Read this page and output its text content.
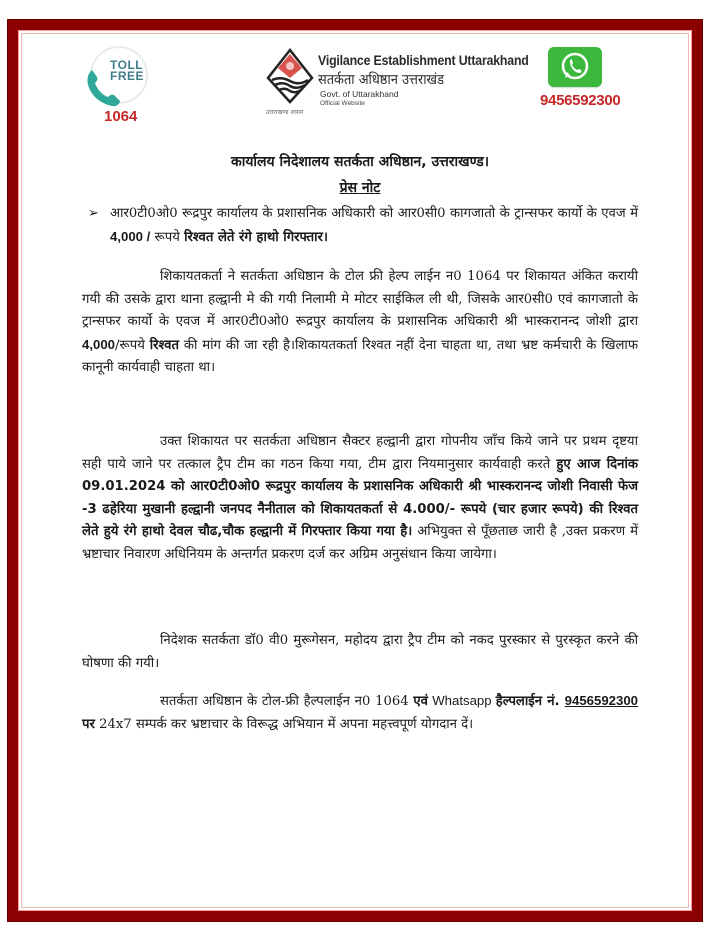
TOLL
FREE
1064	उत्तराखण्ड शासन
Vigilance Establishment Uttarakhand
सतर्कता अधिष्ठान उत्तराखंड
Govt. of Uttarakhand
Official Website	9456592300
कार्यालय निदेशालय सतर्कता अधिष्ठान, उत्तराखण्ड।
प्रेस नोट
➢ आर0टी0ओ0 रूद्रपुर कार्यालय के प्रशासनिक अधिकारी को आर0सी0 कागजातो के ट्रान्सफर कार्यो के एवज में 4,000 / रूपये रिश्वत लेते रंगे हाथो गिरफ्तार।
शिकायतकर्ता ने सतर्कता अधिष्ठान के टोल फ्री हेल्प लाईन न0 1064 पर शिकायत अंकित करायी गयी की उसके द्वारा थाना हल्द्वानी मे की गयी निलामी मे मोटर साईकिल ली थी, जिसके आर0सी0 एवं कागजातो के ट्रान्सफर कार्यो के एवज में आर0टी0ओ0 रूद्रपुर कार्यालय के प्रशासनिक अधिकारी श्री भास्करानन्द जोशी द्वारा 4,000/रूपये रिश्वत की मांग की जा रही है।शिकायतकर्ता रिश्वत नहीं देना चाहता था, तथा भ्रष्ट कर्मचारी के खिलाफ कानूनी कार्यवाही चाहता था।
उक्त शिकायत पर सतर्कता अधिष्ठान सैक्टर हल्द्वानी द्वारा गोपनीय जाँच किये जाने पर प्रथम दृष्टया सही पाये जाने पर तत्काल ट्रैप टीम का गठन किया गया, टीम द्वारा नियमानुसार कार्यवाही करते हुए आज दिनांक 09.01.2024 को आर0टी0ओ0 रूद्रपुर कार्यालय के प्रशासनिक अधिकारी श्री भास्करानन्द जोशी निवासी फेज -3 ढहेरिया मुखानी हल्द्वानी जनपद नैनीताल को शिकायतकर्ता से 4.000/- रूपये (चार हजार रूपये) की रिश्वत लेते हुये रंगे हाथो देवल चौढ,चौक हल्द्वानी में गिरफ्तार किया गया है। अभियुक्त से पूँछताछ जारी है ,उक्त प्रकरण में भ्रष्टाचार निवारण अधिनियम के अन्तर्गत प्रकरण दर्ज कर अग्रिम अनुसंधान किया जायेगा।
निदेशक सतर्कता डॉ0 वी0 मुरूगेसन, महोदय द्वारा ट्रैप टीम को नकद पुरस्कार से पुरस्कृत करने की घोषणा की गयी।
सतर्कता अधिष्ठान के टोल-फ्री हैल्पलाईन न0 1064 एवं Whatsapp हैल्पलाईन नं. 9456592300 पर 24x7 सम्पर्क कर भ्रष्टाचार के विरूद्ध अभियान में अपना महत्त्वपूर्ण योगदान दें।
